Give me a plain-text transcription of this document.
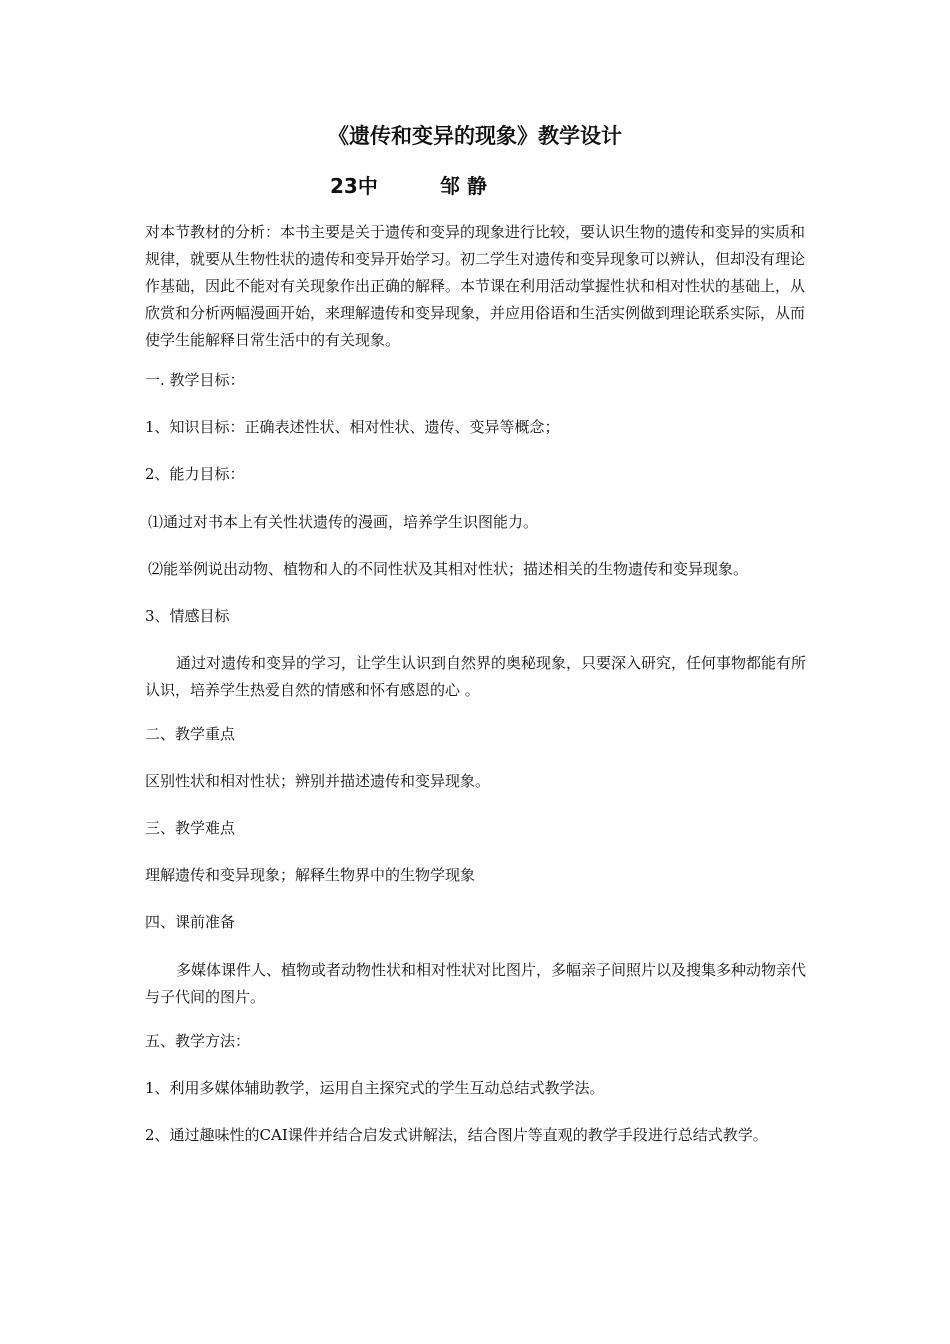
《遗传和变异的现象》教学设计
23中	邹 静
对本节教材的分析：本书主要是关于遗传和变异的现象进行比较，要认识生物的遗传和变异的实质和规律，就要从生物性状的遗传和变异开始学习。初二学生对遗传和变异现象可以辨认，但却没有理论作基础，因此不能对有关现象作出正确的解释。本节课在利用活动掌握性状和相对性状的基础上，从欣赏和分析两幅漫画开始，来理解遗传和变异现象，并应用俗语和生活实例做到理论联系实际，从而使学生能解释日常生活中的有关现象。
一. 教学目标：
1、知识目标：正确表述性状、相对性状、遗传、变异等概念；
2、能力目标：
⑴通过对书本上有关性状遗传的漫画，培养学生识图能力。
⑵能举例说出动物、植物和人的不同性状及其相对性状；描述相关的生物遗传和变异现象。
3、情感目标
通过对遗传和变异的学习，让学生认识到自然界的奥秘现象，只要深入研究，任何事物都能有所认识，培养学生热爱自然的情感和怀有感恩的心 。
二、教学重点
区别性状和相对性状；辨别并描述遗传和变异现象。
三、教学难点
理解遗传和变异现象；解释生物界中的生物学现象
四、课前准备
多媒体课件人、植物或者动物性状和相对性状对比图片，多幅亲子间照片以及搜集多种动物亲代与子代间的图片。
五、教学方法：
1、利用多媒体辅助教学，运用自主探究式的学生互动总结式教学法。
2、通过趣味性的CAI课件并结合启发式讲解法，结合图片等直观的教学手段进行总结式教学。
